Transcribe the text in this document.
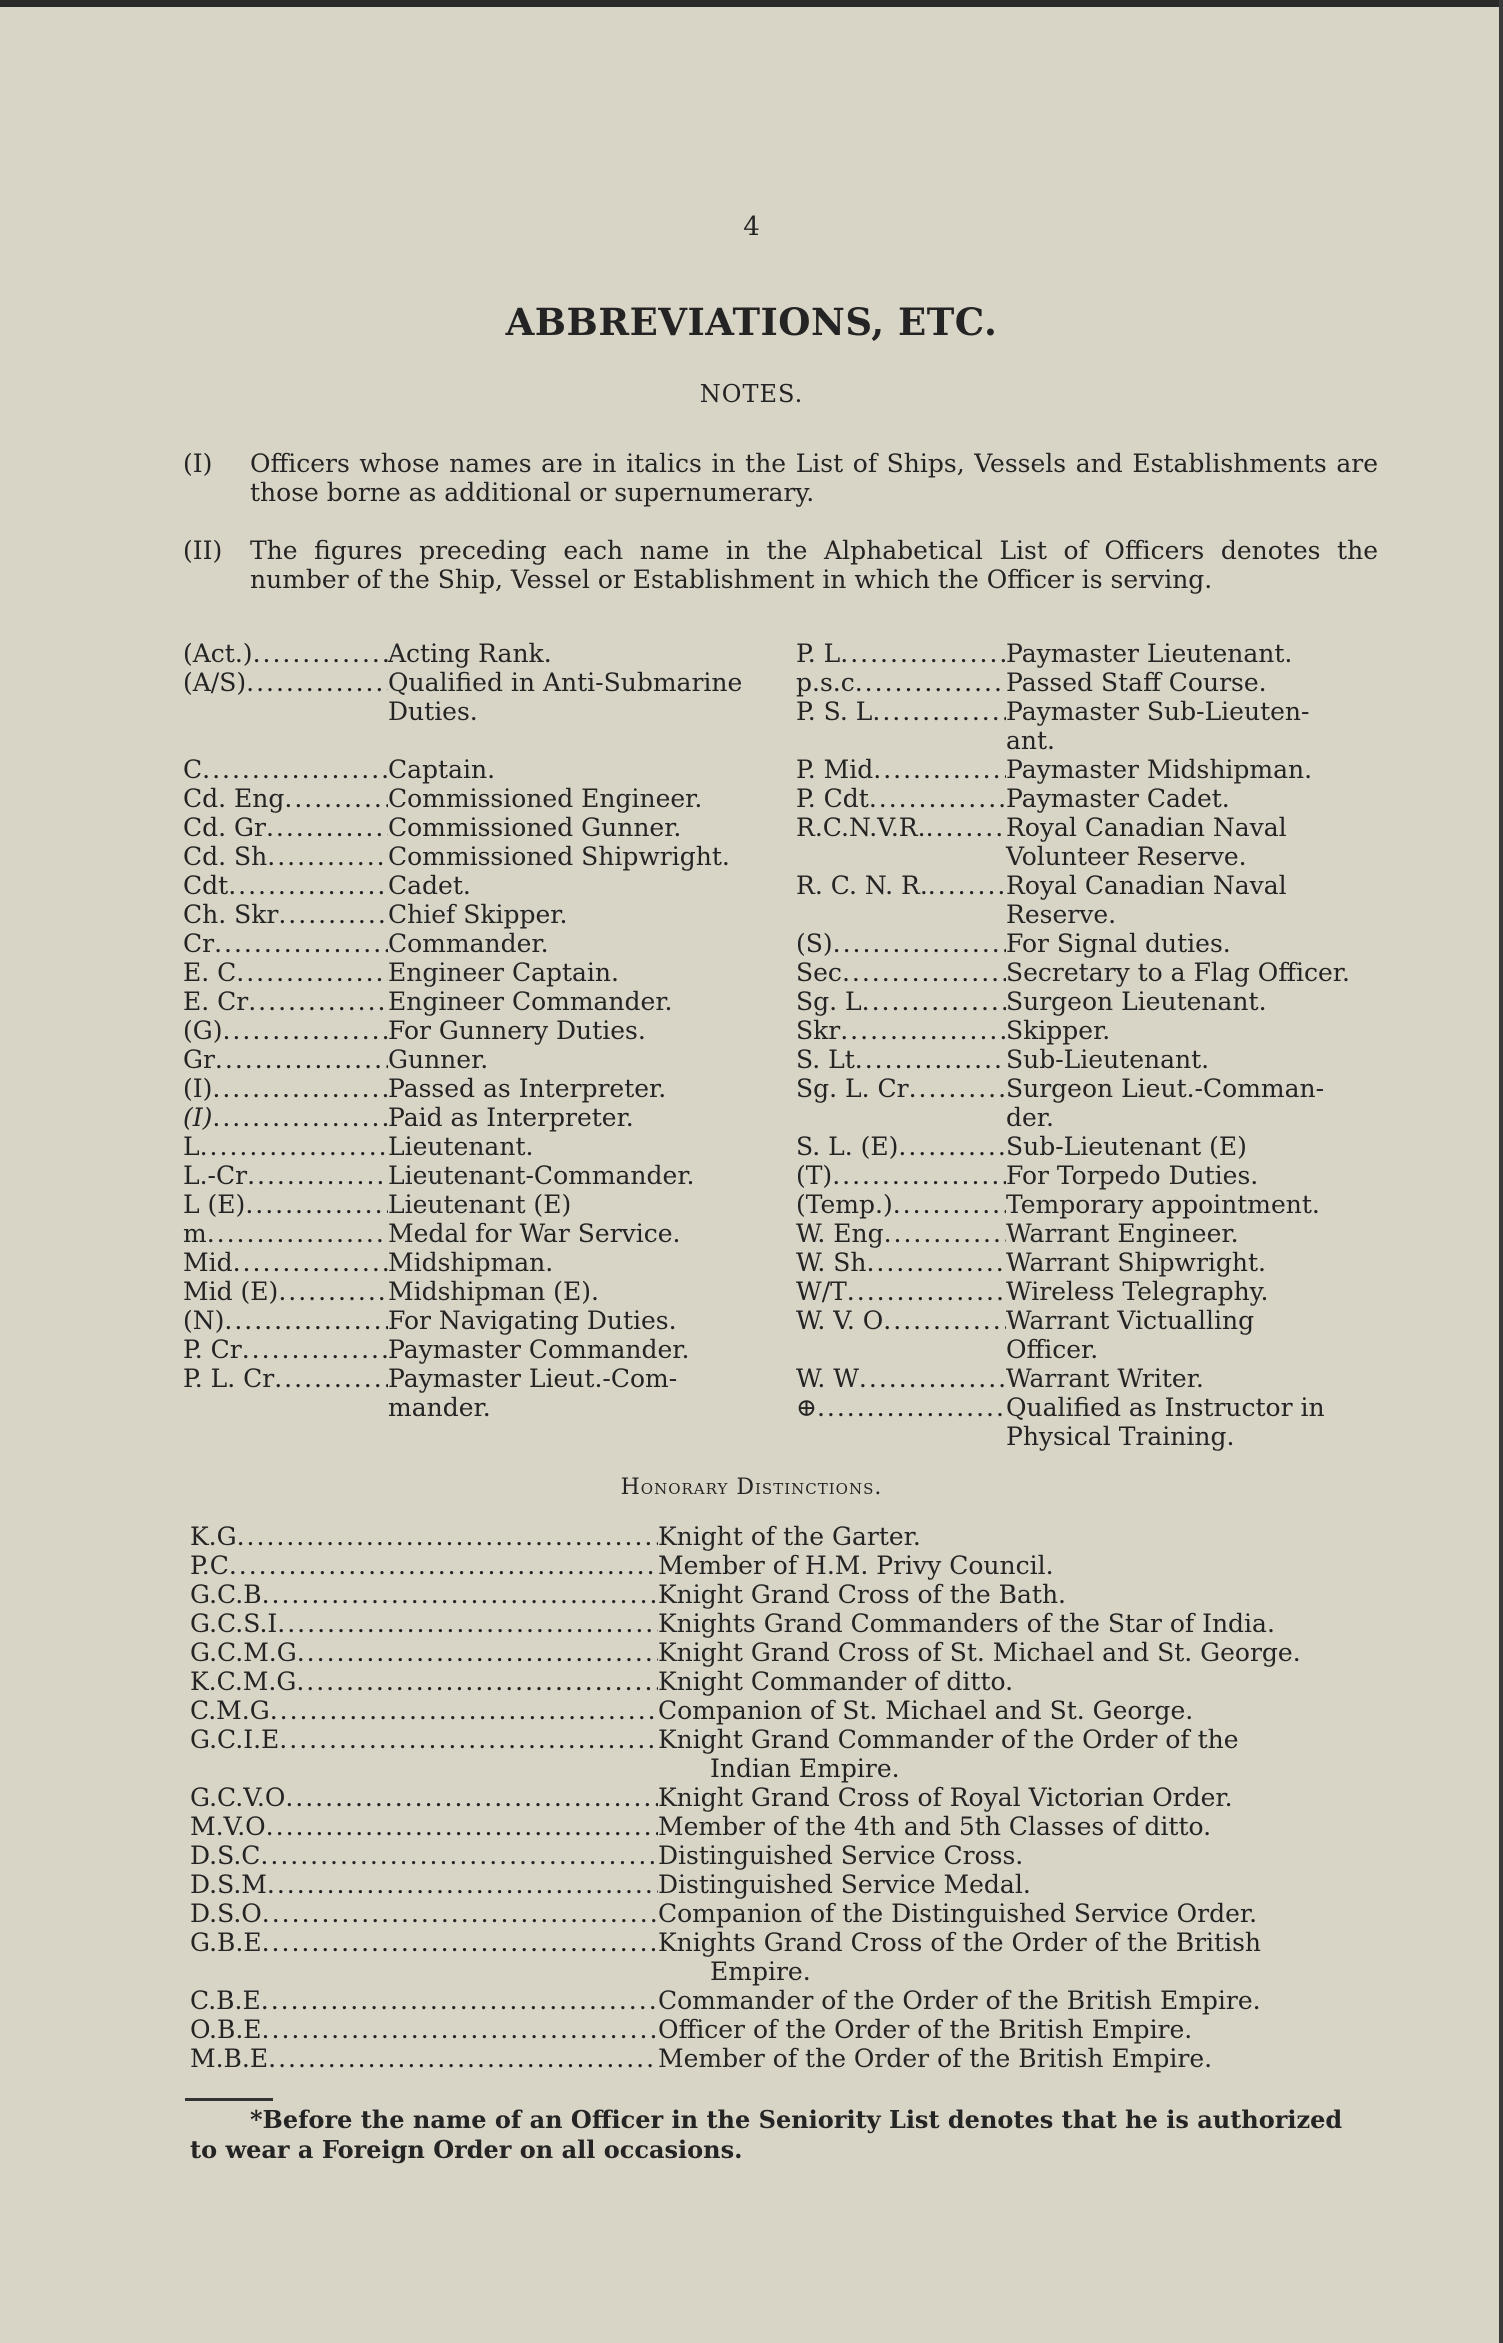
4
ABBREVIATIONS, ETC.
NOTES.
(I) Officers whose names are in italics in the List of Ships, Vessels and Establishments are those borne as additional or supernumerary.
(II) The figures preceding each name in the Alphabetical List of Officers denotes the number of the Ship, Vessel or Establishment in which the Officer is serving.
(Act.) .....	Acting Rank.
(A/S) .....	Qualified in Anti-Submarine
Duties.
C .....	Captain.
Cd. Eng .....	Commissioned Engineer.
Cd. Gr .....	Commissioned Gunner.
Cd. Sh .....	Commissioned Shipwright.
Cdt .....	Cadet.
Ch. Skr .....	Chief Skipper.
Cr .....	Commander.
E. C .....	Engineer Captain.
E. Cr .....	Engineer Commander.
(G) .....	For Gunnery Duties.
Gr .....	Gunner.
(I) .....	Passed as Interpreter.
(I) .....	Paid as Interpreter.
L .....	Lieutenant.
L.-Cr .....	Lieutenant-Commander.
L (E) .....	Lieutenant (E)
m .....	Medal for War Service.
Mid .....	Midshipman.
Mid (E) .....	Midshipman (E).
(N) .....	For Navigating Duties.
P. Cr .....	Paymaster Commander.
P. L. Cr .....	Paymaster Lieut.-Com-
mander.
P. L .....	Paymaster Lieutenant.
p.s.c .....	Passed Staff Course.
P. S. L .....	Paymaster Sub-Lieuten-
ant.
P. Mid .....	Paymaster Midshipman.
P. Cdt .....	Paymaster Cadet.
R.C.N.V.R. .....	Royal Canadian Naval
Volunteer Reserve.
R. C. N. R. .....	Royal Canadian Naval
Reserve.
(S) .....	For Signal duties.
Sec .....	Secretary to a Flag Officer.
Sg. L .....	Surgeon Lieutenant.
Skr .....	Skipper.
S. Lt .....	Sub-Lieutenant.
Sg. L. Cr .....	Surgeon Lieut.-Comman-
der.
S. L. (E) .....	Sub-Lieutenant (E)
(T) .....	For Torpedo Duties.
(Temp.) .....	Temporary appointment.
W. Eng .....	Warrant Engineer.
W. Sh .....	Warrant Shipwright.
W/T .....	Wireless Telegraphy.
W. V. O .....	Warrant Victualling
Officer.
W. W .....	Warrant Writer.
⊕ .....	Qualified as Instructor in
Physical Training.
Honorary Distinctions.
K.G .....	Knight of the Garter.
P.C .....	Member of H.M. Privy Council.
G.C.B .....	Knight Grand Cross of the Bath.
G.C.S.I .....	Knights Grand Commanders of the Star of India.
G.C.M.G .....	Knight Grand Cross of St. Michael and St. George.
K.C.M.G .....	Knight Commander of ditto.
C.M.G .....	Companion of St. Michael and St. George.
G.C.I.E .....	Knight Grand Commander of the Order of the
Indian Empire.
G.C.V.O .....	Knight Grand Cross of Royal Victorian Order.
M.V.O .....	Member of the 4th and 5th Classes of ditto.
D.S.C .....	Distinguished Service Cross.
D.S.M .....	Distinguished Service Medal.
D.S.O .....	Companion of the Distinguished Service Order.
G.B.E .....	Knights Grand Cross of the Order of the British
Empire.
C.B.E .....	Commander of the Order of the British Empire.
O.B.E .....	Officer of the Order of the British Empire.
M.B.E .....	Member of the Order of the British Empire.
*Before the name of an Officer in the Seniority List denotes that he is authorized
to wear a Foreign Order on all occasions.
